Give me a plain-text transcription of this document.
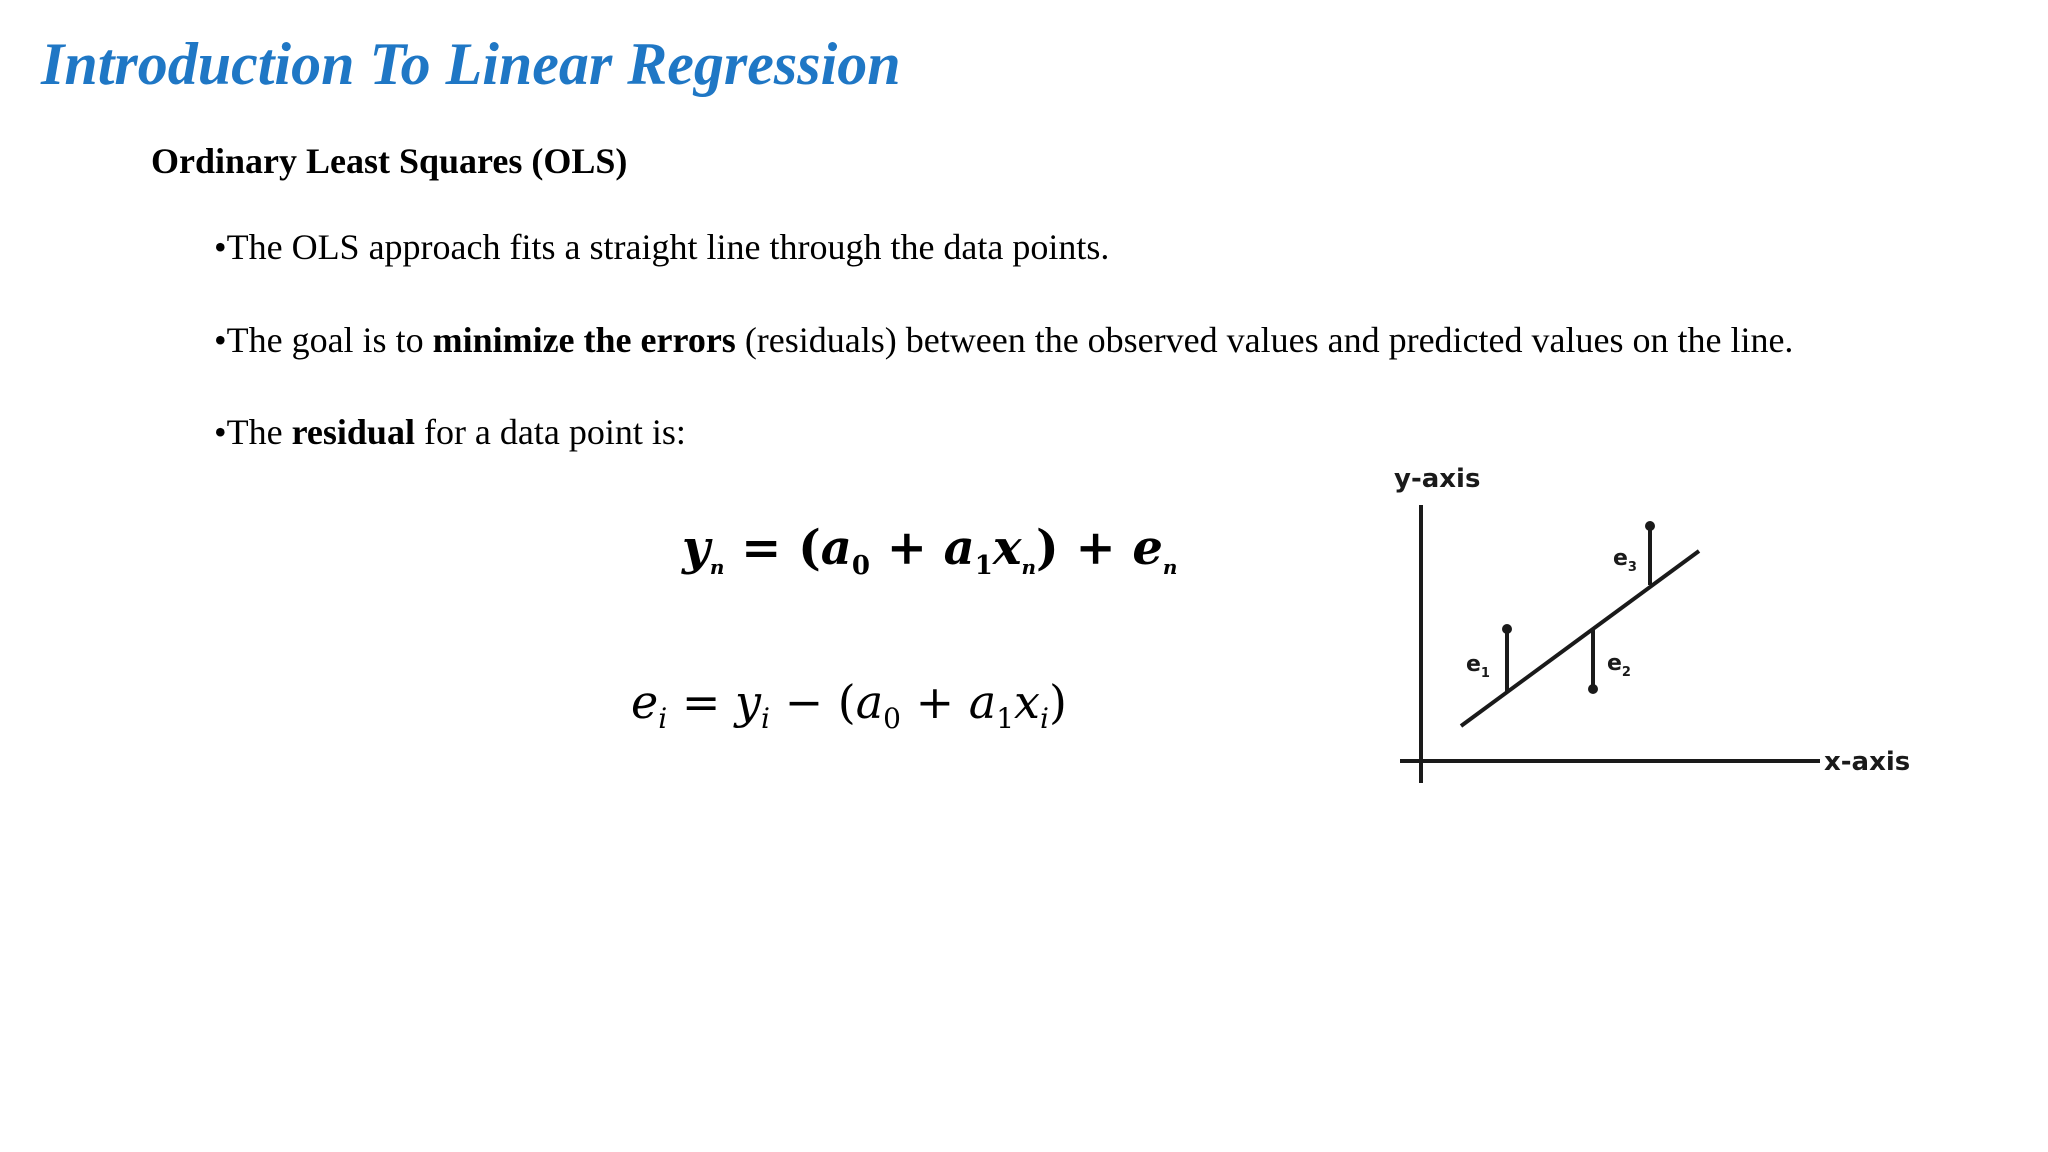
Introduction To Linear Regression
Ordinary Least Squares (OLS)

•The OLS approach fits a straight line through the data points.

•The goal is to minimize the errors (residuals) between the observed values and predicted values on the line.

•The residual for a data point is:

$y_n = (a_0 + a_1x_n) + e_n$
$e_i = y_i - (a_0 + a_1x_i)$
y-axis
x-axis
$e_1$	$e_2$
$e_3$
